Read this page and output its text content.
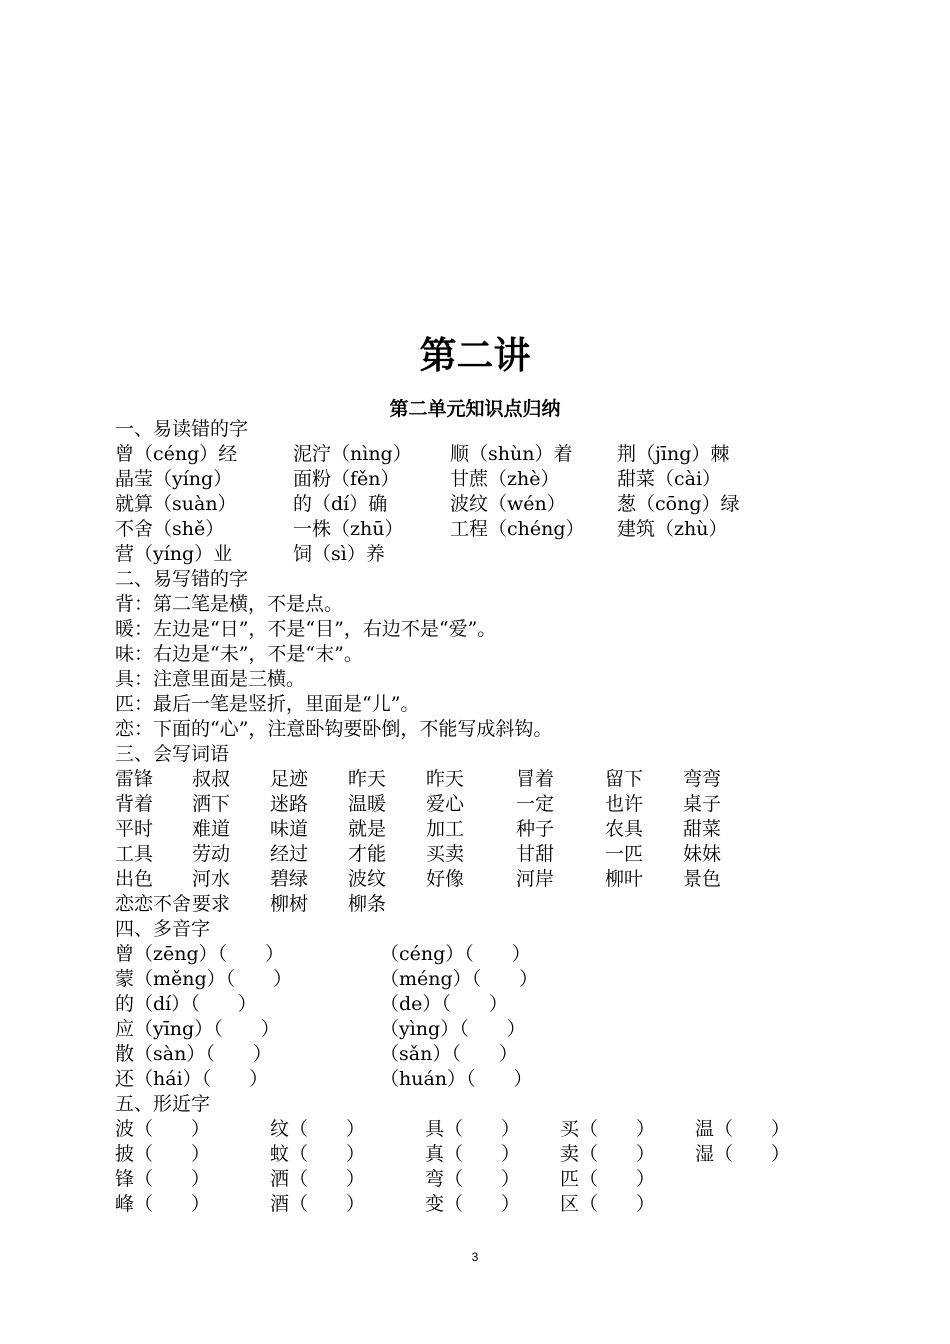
第二讲
第二单元知识点归纳
一、易读错的字
曾（céng）经	泥泞（nìng） 顺（shùn）着 荆（jīng）棘
晶莹（yíng）	面粉（fěn）	甘蔗（zhè）	甜菜（cài）
就算（suàn）	的（dí）确	波纹（wén）	葱（cōng）绿
不舍（shě）	一株（zhū） 工程（chéng） 建筑（zhù）
营（yíng）业	饲（sì）养
二、易写错的字
背：第二笔是横，不是点。
暖：左边是“日”，不是“目”，右边不是“爱”。
味：右边是“未”，不是“末”。
具：注意里面是三横。
匹：最后一笔是竖折，里面是“儿”。
恋：下面的“心”，注意卧钩要卧倒，不能写成斜钩。
三、会写词语
雷锋 叔叔 足迹 昨天 昨天	冒着	留下 弯弯
背着 洒下 迷路 温暖 爱心	一定	也许 桌子
平时 难道 味道 就是 加工	种子	农具 甜菜
工具 劳动 经过 才能 买卖	甘甜	一匹 妹妹
出色 河水 碧绿 波纹 好像	河岸	柳叶 景色
恋恋不舍 要求 柳树 柳条
四、多音字
曾（zēng）（　　）	（céng）（　　）
蒙（měng）（　　）	（méng）（　　）
的（dí）（　　）	（de）（　　）
应（yīng）（　　）	（yìng）（　　）
散（sàn）（　　）	（sǎn）（　　）
还（hái）（　　）	（huán）（　　）
五、形近字
波（　　）	纹（　　）	具（　　） 买（　　） 温（　　）
披（　　）	蚊（　　）	真（　　） 卖（　　） 湿（　　）
锋（　　）	洒（　　）	弯（　　） 匹（　　）
峰（　　）	酒（　　）	变（　　） 区（　　）
3
